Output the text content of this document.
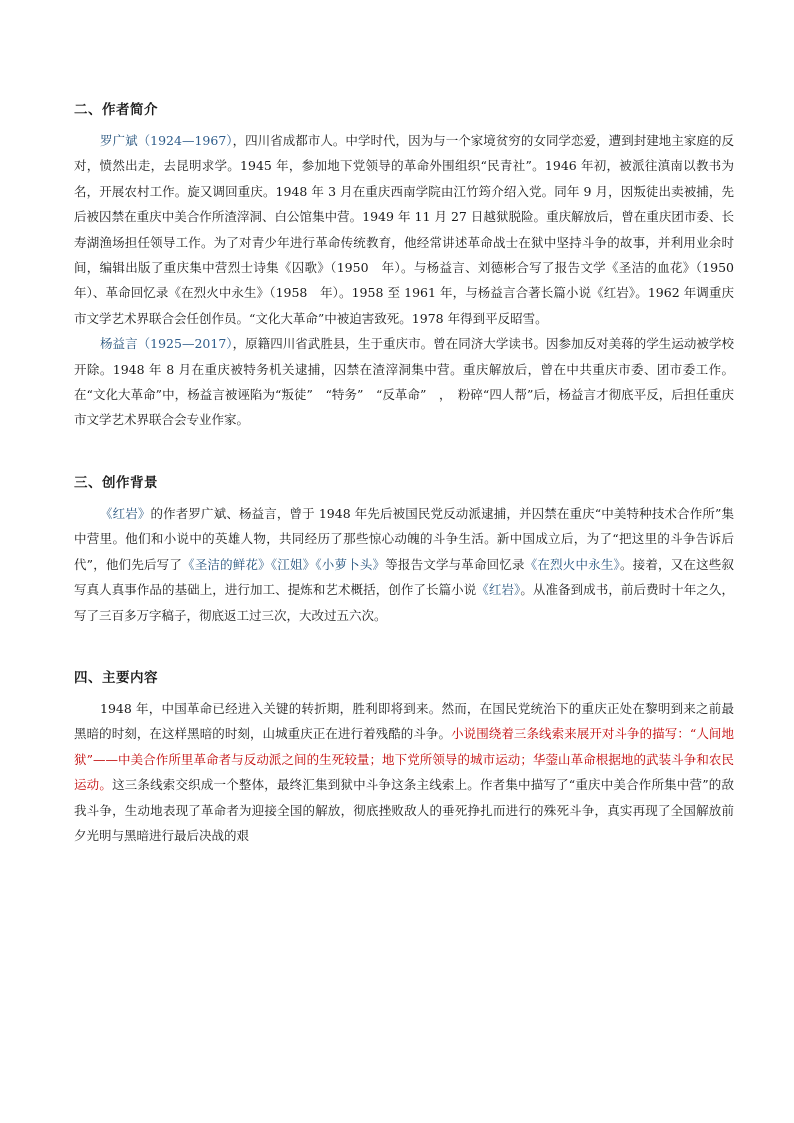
二、作者简介

罗广斌（1924—1967），四川省成都市人。中学时代，因为与一个家境贫穷的女同学恋爱，遭到封建地主家庭的反对，愤然出走，去昆明求学。1945 年，参加地下党领导的革命外围组织“民青社”。1946 年初，被派往滇南以教书为名，开展农村工作。旋又调回重庆。1948 年 3 月在重庆西南学院由江竹筠介绍入党。同年 9 月，因叛徒出卖被捕，先后被囚禁在重庆中美合作所渣滓洞、白公馆集中营。1949 年 11 月 27 日越狱脱险。重庆解放后，曾在重庆团市委、长寿湖渔场担任领导工作。为了对青少年进行革命传统教育，他经常讲述革命战士在狱中坚持斗争的故事，并利用业余时间，编辑出版了重庆集中营烈士诗集《囚歌》（1950　年）。与杨益言、刘德彬合写了报告文学《圣洁的血花》（1950　年）、革命回忆录《在烈火中永生》（1958　年）。1958 至 1961 年，与杨益言合著长篇小说《红岩》。1962 年调重庆市文学艺术界联合会任创作员。“文化大革命”中被迫害致死。1978 年得到平反昭雪。

杨益言（1925—2017），原籍四川省武胜县，生于重庆市。曾在同济大学读书。因参加反对美蒋的学生运动被学校开除。1948 年 8 月在重庆被特务机关逮捕，囚禁在渣滓洞集中营。重庆解放后，曾在中共重庆市委、团市委工作。在“文化大革命”中，杨益言被诬陷为“叛徒”　“特务”　“反革命”　，　粉碎“四人帮”后，杨益言才彻底平反，后担任重庆市文学艺术界联合会专业作家。

三、创作背景

《红岩》的作者罗广斌、杨益言，曾于 1948 年先后被国民党反动派逮捕，并囚禁在重庆“中美特种技术合作所”集中营里。他们和小说中的英雄人物，共同经历了那些惊心动魄的斗争生活。新中国成立后，为了“把这里的斗争告诉后代”，他们先后写了《圣洁的鲜花》《江姐》《小萝卜头》等报告文学与革命回忆录《在烈火中永生》。接着，又在这些叙写真人真事作品的基础上，进行加工、提炼和艺术概括，创作了长篇小说《红岩》。从准备到成书，前后费时十年之久，写了三百多万字稿子，彻底返工过三次，大改过五六次。

四、主要内容

1948 年，中国革命已经进入关键的转折期，胜利即将到来。然而，在国民党统治下的重庆正处在黎明到来之前最黑暗的时刻，在这样黑暗的时刻，山城重庆正在进行着残酷的斗争。小说围绕着三条线索来展开对斗争的描写：“人间地狱”——中美合作所里革命者与反动派之间的生死较量；地下党所领导的城市运动；华蓥山革命根据地的武装斗争和农民运动。这三条线索交织成一个整体，最终汇集到狱中斗争这条主线索上。作者集中描写了“重庆中美合作所集中营”的敌我斗争，生动地表现了革命者为迎接全国的解放，彻底挫败敌人的垂死挣扎而进行的殊死斗争，真实再现了全国解放前夕光明与黑暗进行最后决战的艰
